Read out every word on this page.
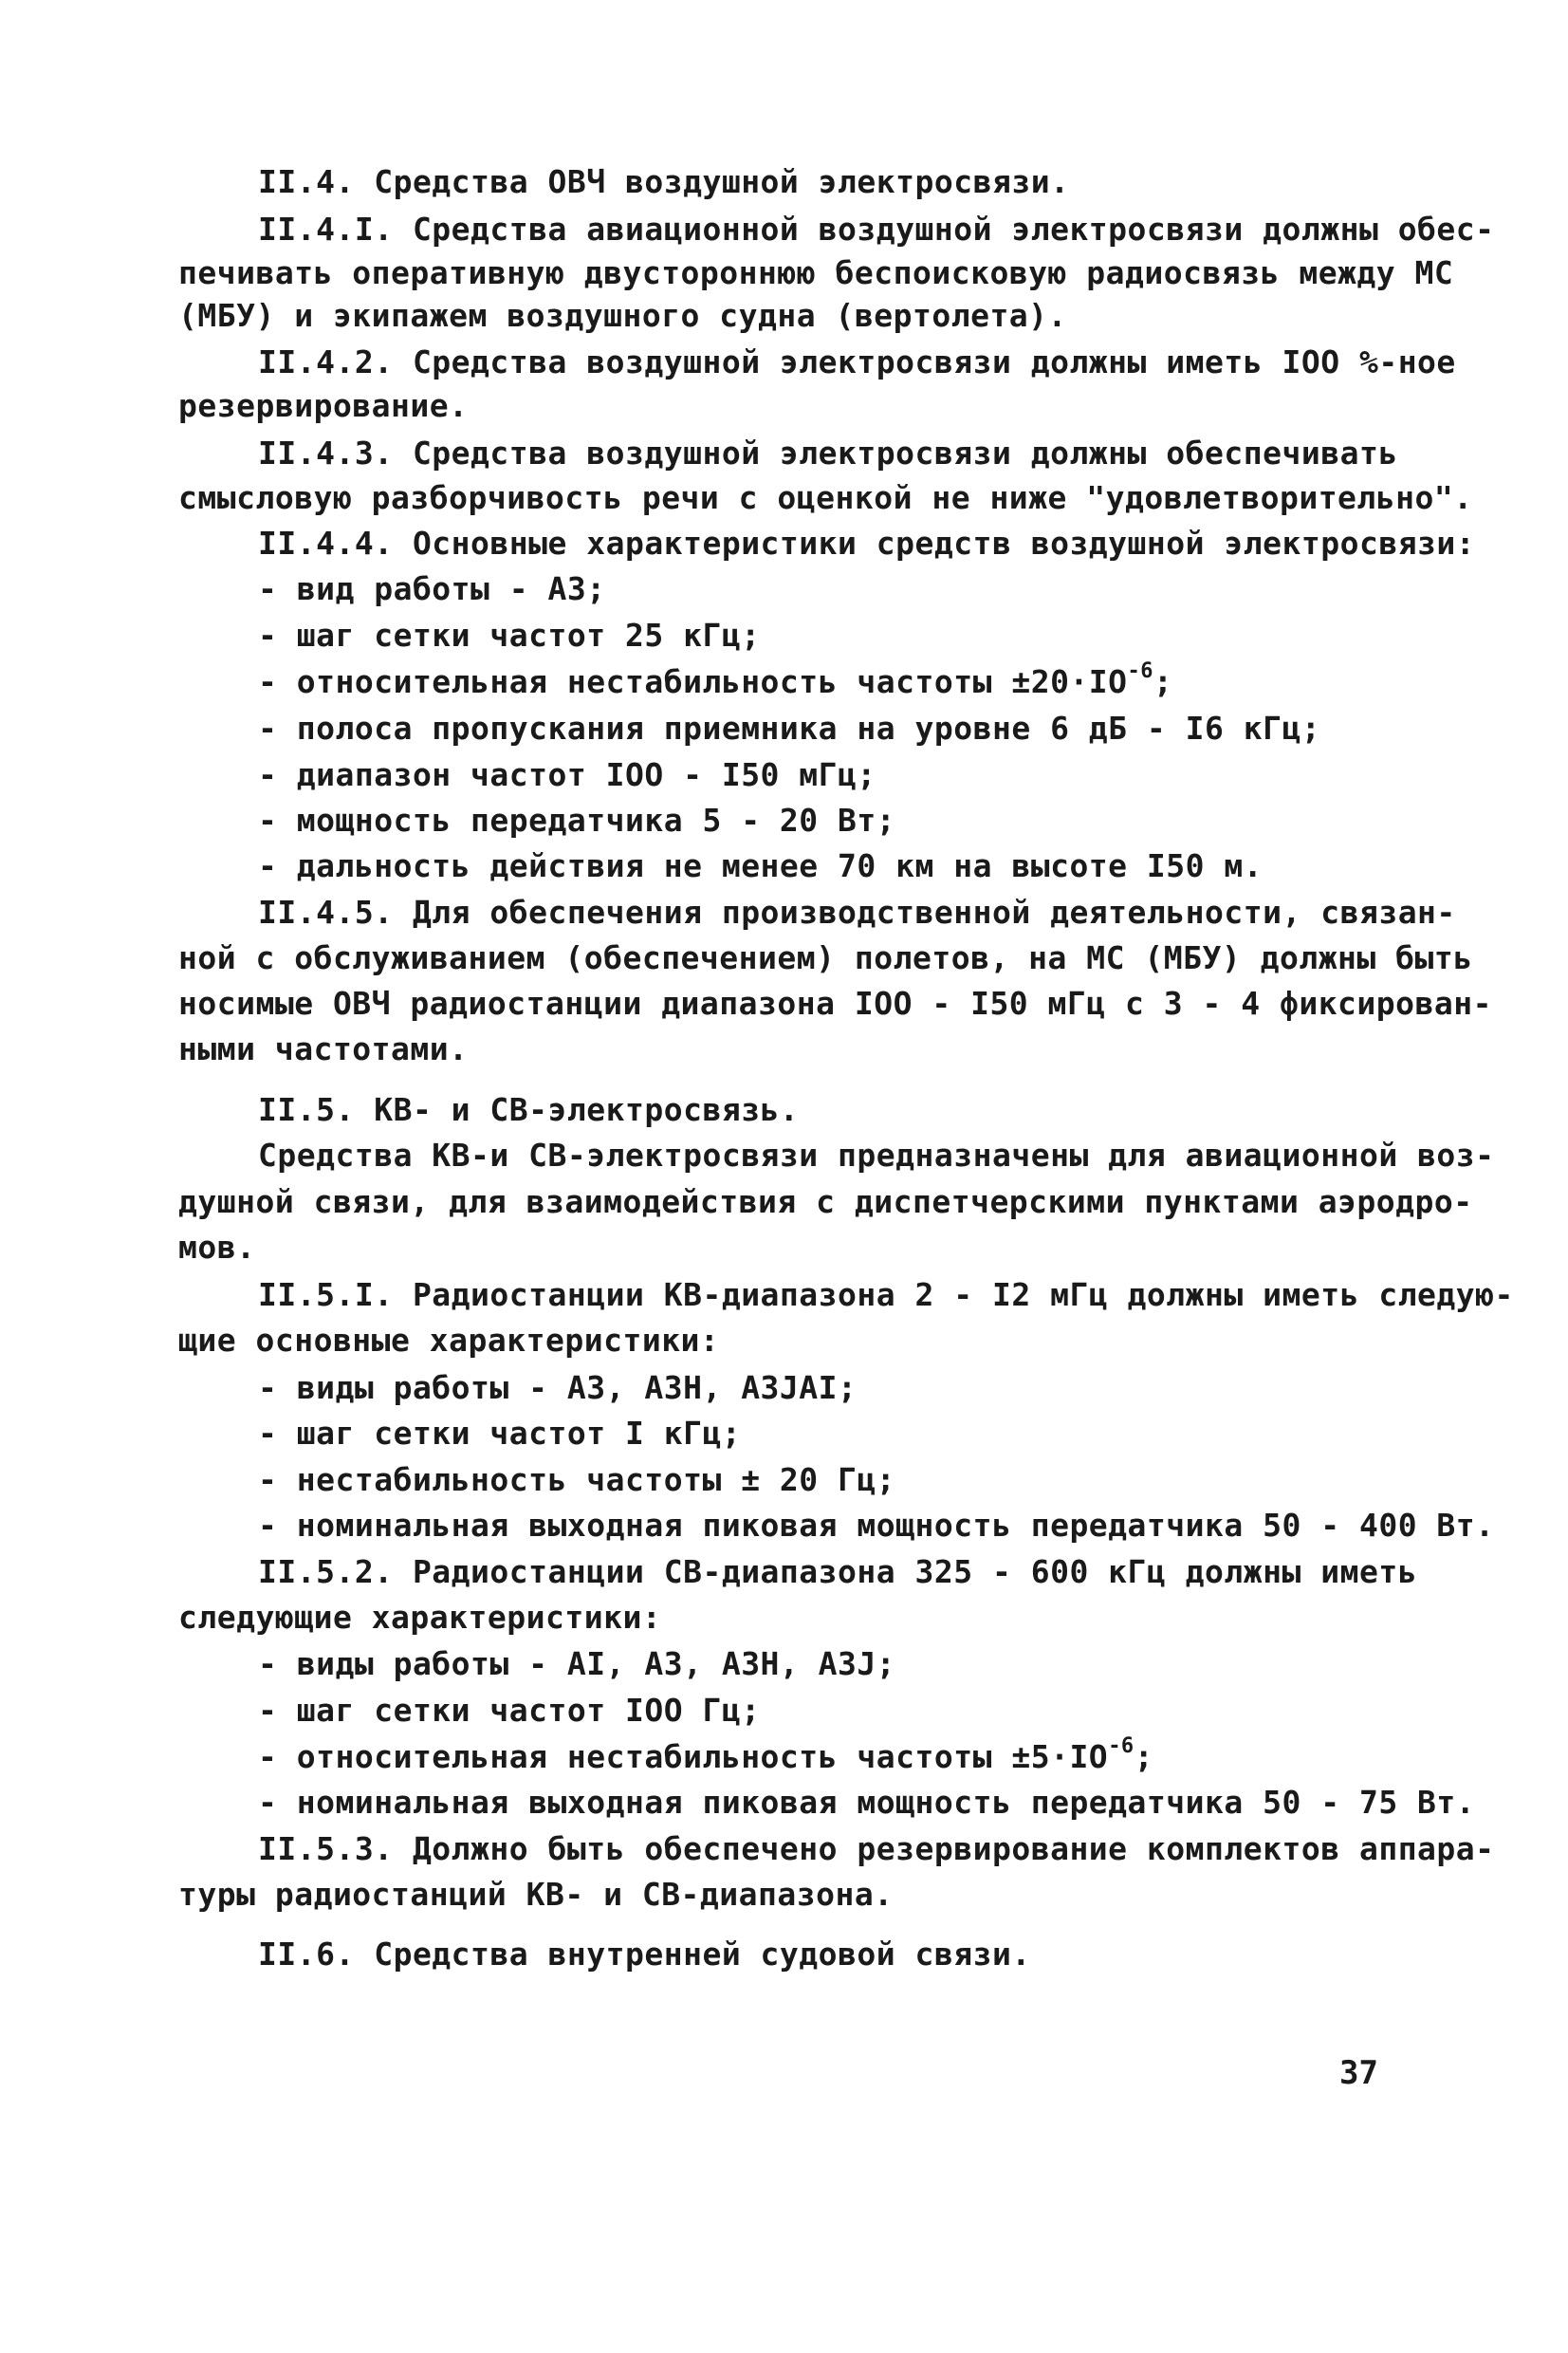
II.4. Средства ОВЧ воздушной электросвязи.
II.4.I. Средства авиационной воздушной электросвязи должны обес-
печивать оперативную двустороннюю беспоисковую радиосвязь между МС
(МБУ) и экипажем воздушного судна (вертолета).
II.4.2. Средства воздушной электросвязи должны иметь IOO %-ное
резервирование.
II.4.3. Средства воздушной электросвязи должны обеспечивать
смысловую разборчивость речи с оценкой не ниже "удовлетворительно".
II.4.4. Основные характеристики средств воздушной электросвязи:
- вид работы - А3;
- шаг сетки частот 25 кГц;
- относительная нестабильность частоты $\pm 20\cdot IO^{-6}$;
- полоса пропускания приемника на уровне 6 дБ - I6 кГц;
- диапазон частот IOO - I50 мГц;
- мощность передатчика 5 - 20 Вт;
- дальность действия не менее 70 км на высоте I50 м.
II.4.5. Для обеспечения производственной деятельности, связан-
ной с обслуживанием (обеспечением) полетов, на МС (МБУ) должны быть
носимые ОВЧ радиостанции диапазона IOO - I50 мГц с 3 - 4 фиксирован-
ными частотами.
II.5. КВ- и СВ-электросвязь.
Средства КВ-и СВ-электросвязи предназначены для авиационной воз-
душной связи, для взаимодействия с диспетчерскими пунктами аэродро-
мов.
II.5.I. Радиостанции КВ-диапазона 2 - I2 мГц должны иметь следую-
щие основные характеристики:
- виды работы - А3, А3Н, А3JАI;
- шаг сетки частот I кГц;
- нестабильность частоты ± 20 Гц;
- номинальная выходная пиковая мощность передатчика 50 - 400 Вт.
II.5.2. Радиостанции СВ-диапазона 325 - 600 кГц должны иметь
следующие характеристики:
- виды работы - АI, А3, А3Н, А3J;
- шаг сетки частот IOO Гц;
- относительная нестабильность частоты $\pm 5\cdot IO^{-6}$;
- номинальная выходная пиковая мощность передатчика 50 - 75 Вт.
II.5.3. Должно быть обеспечено резервирование комплектов аппара-
туры радиостанций КВ- и СВ-диапазона.
II.6. Средства внутренней судовой связи.
37
